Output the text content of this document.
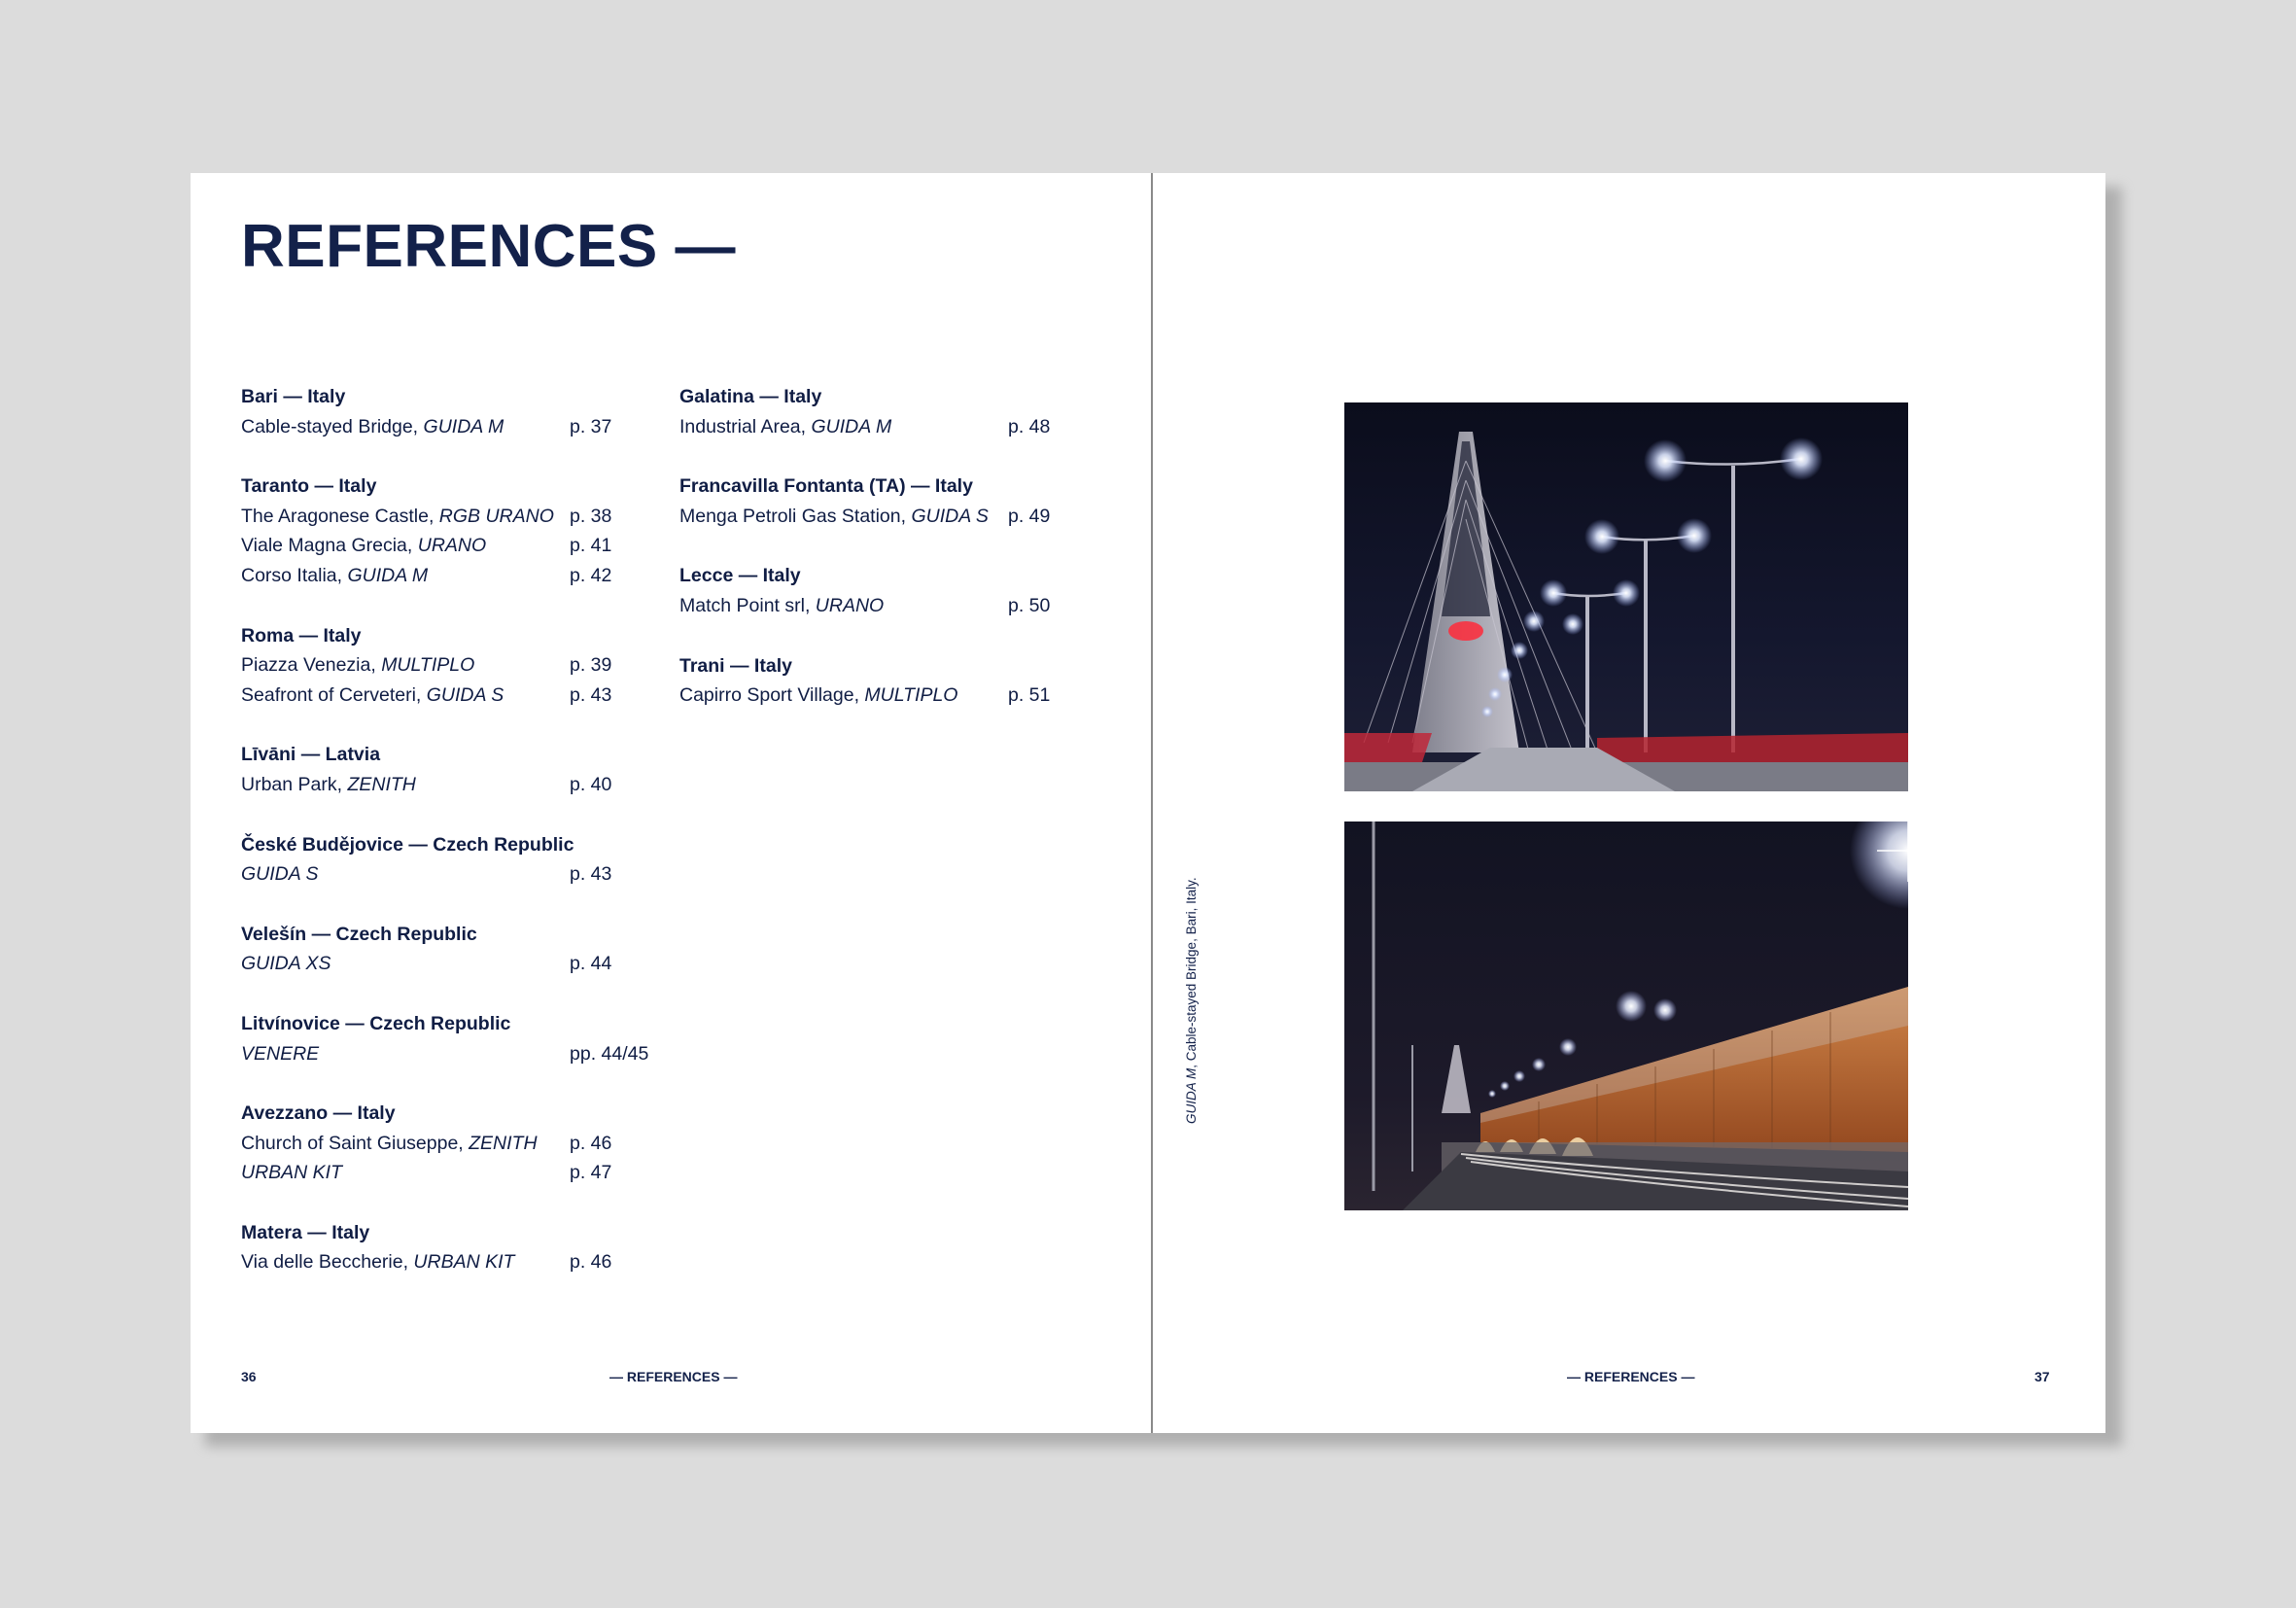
REFERENCES —
Bari — Italy
Cable-stayed Bridge, GUIDA M	p. 37
Taranto — Italy
The Aragonese Castle, RGB URANO p. 38
Viale Magna Grecia, URANO	p. 41
Corso Italia, GUIDA M	p. 42
Roma — Italy
Piazza Venezia, MULTIPLO	p. 39
Seafront of Cerveteri, GUIDA S	p. 43
Līvāni — Latvia
Urban Park, ZENITH	p. 40
České Budějovice — Czech Republic
GUIDA S	p. 43
Velešín — Czech Republic
GUIDA XS	p. 44
Litvínovice — Czech Republic
VENERE	pp. 44/45
Avezzano — Italy
Church of Saint Giuseppe, ZENITH p. 46
URBAN KIT	p. 47
Matera — Italy
Via delle Beccherie, URBAN KIT	p. 46
Galatina — Italy
Industrial Area, GUIDA M	p. 48
Francavilla Fontanta (TA) — Italy
Menga Petroli Gas Station, GUIDA S p. 49
Lecce — Italy
Match Point srl, URANO	p. 50
Trani — Italy
Capirro Sport Village, MULTIPLO	p. 51
36	— REFERENCES —	— REFERENCES —	37
GUIDA M, Cable-stayed Bridge, Bari, Italy.
